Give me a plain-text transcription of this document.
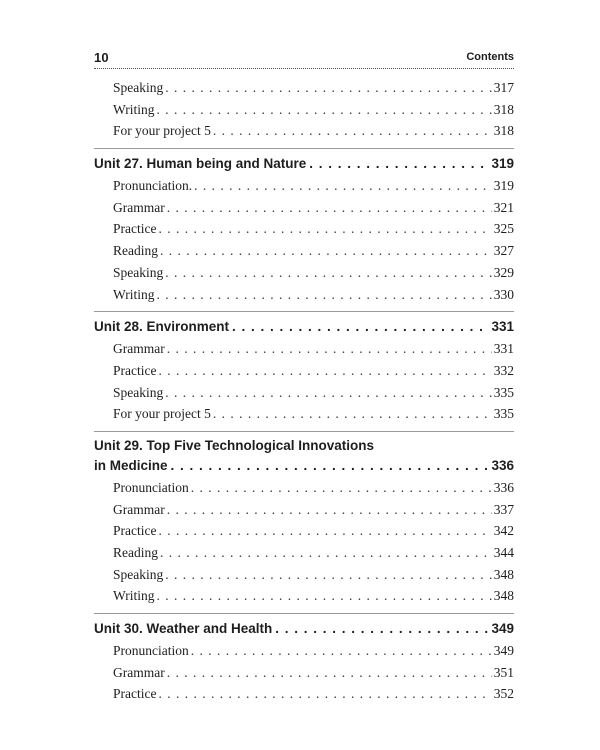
10	Contents
Speaking . . .	317
Writing . . .	318
For your project 5 . . .	318
Unit 27. Human being and Nature . . .	319
Pronunciation. . . .	319
Grammar . . .	321
Practice . . .	325
Reading . . .	327
Speaking . . .	329
Writing . . .	330
Unit 28. Environment . . .	331
Grammar . . .	331
Practice . . .	332
Speaking . . .	335
For your project 5 . . .	335
Unit 29. Top Five Technological Innovations
in Medicine . . .	336
Pronunciation . . .	336
Grammar . . .	337
Practice . . .	342
Reading . . .	344
Speaking . . .	348
Writing . . .	348
Unit 30. Weather and Health . . .	349
Pronunciation . . .	349
Grammar . . .	351
Practice . . .	352
